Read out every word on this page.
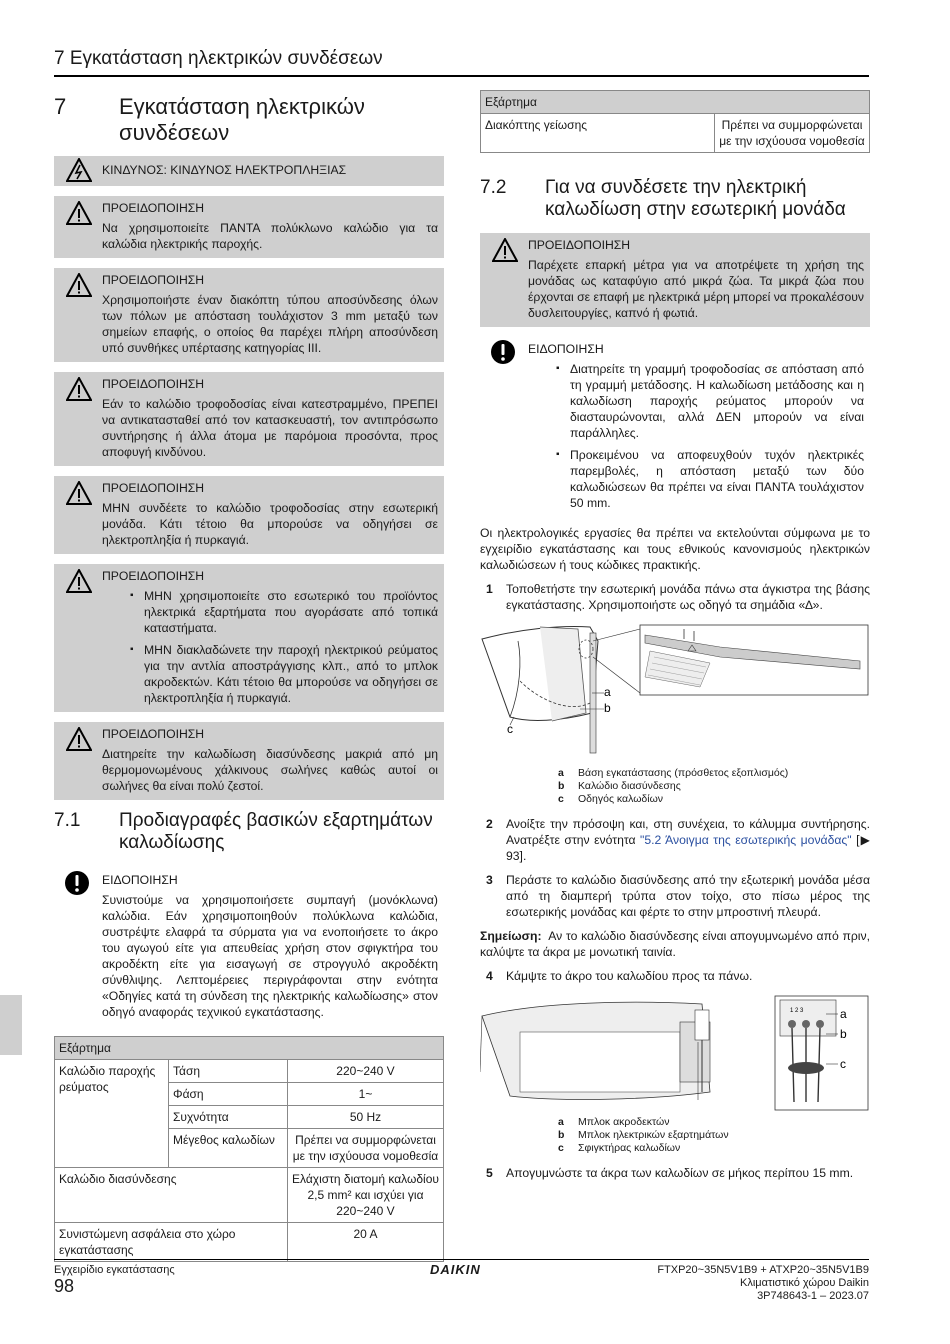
7 Εγκατάσταση ηλεκτρικών συνδέσεων
7 Εγκατάσταση ηλεκτρικών συνδέσεων
ΚΙΝΔΥΝΟΣ: ΚΙΝΔΥΝΟΣ ΗΛΕΚΤΡΟΠΛΗΞΙΑΣ
ΠΡΟΕΙΔΟΠΟΙΗΣΗ
Να χρησιμοποιείτε ΠΑΝΤΑ πολύκλωνο καλώδιο για τα καλώδια ηλεκτρικής παροχής.
ΠΡΟΕΙΔΟΠΟΙΗΣΗ
Χρησιμοποιήστε έναν διακόπτη τύπου αποσύνδεσης όλων των πόλων με απόσταση τουλάχιστον 3 mm μεταξύ των σημείων επαφής, ο οποίος θα παρέχει πλήρη αποσύνδεση υπό συνθήκες υπέρτασης κατηγορίας III.
ΠΡΟΕΙΔΟΠΟΙΗΣΗ
Εάν το καλώδιο τροφοδοσίας είναι κατεστραμμένο, ΠΡΕΠΕΙ να αντικατασταθεί από τον κατασκευαστή, τον αντιπρόσωπο συντήρησης ή άλλα άτομα με παρόμοια προσόντα, προς αποφυγή κινδύνου.
ΠΡΟΕΙΔΟΠΟΙΗΣΗ
ΜΗΝ συνδέετε το καλώδιο τροφοδοσίας στην εσωτερική μονάδα. Κάτι τέτοιο θα μπορούσε να οδηγήσει σε ηλεκτροπληξία ή πυρκαγιά.
ΠΡΟΕΙΔΟΠΟΙΗΣΗ
▪ ΜΗΝ χρησιμοποιείτε στο εσωτερικό του προϊόντος ηλεκτρικά εξαρτήματα που αγοράσατε από τοπικά καταστήματα.
▪ ΜΗΝ διακλαδώνετε την παροχή ηλεκτρικού ρεύματος για την αντλία αποστράγγισης κλπ., από το μπλοκ ακροδεκτών. Κάτι τέτοιο θα μπορούσε να οδηγήσει σε ηλεκτροπληξία ή πυρκαγιά.
ΠΡΟΕΙΔΟΠΟΙΗΣΗ
Διατηρείτε την καλωδίωση διασύνδεσης μακριά από μη θερμομονωμένους χάλκινους σωλήνες καθώς αυτοί οι σωλήνες θα είναι πολύ ζεστοί.
7.1 Προδιαγραφές βασικών εξαρτημάτων καλωδίωσης
ΕΙΔΟΠΟΙΗΣΗ
Συνιστούμε να χρησιμοποιήσετε συμπαγή (μονόκλωνα) καλώδια. Εάν χρησιμοποιηθούν πολύκλωνα καλώδια, συστρέψτε ελαφρά τα σύρματα για να ενοποιήσετε το άκρο του αγωγού είτε για απευθείας χρήση στον σφιγκτήρα του ακροδέκτη είτε για εισαγωγή σε στρογγυλό ακροδέκτη σύνθλιψης. Λεπτομέρειες περιγράφονται στην ενότητα «Οδηγίες κατά τη σύνδεση της ηλεκτρικής καλωδίωσης» στον οδηγό αναφοράς τεχνικού εγκατάστασης.
Εξάρτημα		
Καλώδιο παροχής ρεύματος	Τάση	220~240 V
	Φάση	1~
	Συχνότητα	50 Hz
	Μέγεθος καλωδίων	Πρέπει να συμμορφώνεται με την ισχύουσα νομοθεσία
Καλώδιο διασύνδεσης		Ελάχιστη διατομή καλωδίου 2,5 mm² και ισχύει για 220~240 V
Συνιστώμενη ασφάλεια στο χώρο εγκατάστασης		20 A
Εξάρτημα
Διακόπτης γείωσης	Πρέπει να συμμορφώνεται με την ισχύουσα νομοθεσία
7.2 Για να συνδέσετε την ηλεκτρική καλωδίωση στην εσωτερική μονάδα
ΠΡΟΕΙΔΟΠΟΙΗΣΗ
Παρέχετε επαρκή μέτρα για να αποτρέψετε τη χρήση της μονάδας ως καταφύγιο από μικρά ζώα. Τα μικρά ζώα που έρχονται σε επαφή με ηλεκτρικά μέρη μπορεί να προκαλέσουν δυσλειτουργίες, καπνό ή φωτιά.
ΕΙΔΟΠΟΙΗΣΗ
▪ Διατηρείτε τη γραμμή τροφοδοσίας σε απόσταση από τη γραμμή μετάδοσης. Η καλωδίωση μετάδοσης και η καλωδίωση παροχής ρεύματος μπορούν να διασταυρώνονται, αλλά ΔΕΝ μπορούν να είναι παράλληλες.
▪ Προκειμένου να αποφευχθούν τυχόν ηλεκτρικές παρεμβολές, η απόσταση μεταξύ των δύο καλωδιώσεων θα πρέπει να είναι ΠΑΝΤΑ τουλάχιστον 50 mm.
Οι ηλεκτρολογικές εργασίες θα πρέπει να εκτελούνται σύμφωνα με το εγχειρίδιο εγκατάστασης και τους εθνικούς κανονισμούς ηλεκτρικών καλωδιώσεων ή τους κώδικες πρακτικής.
1 Τοποθετήστε την εσωτερική μονάδα πάνω στα άγκιστρα της βάσης εγκατάστασης. Χρησιμοποιήστε ως οδηγό τα σημάδια «∆».
a
b
c
a Βάση εγκατάστασης (πρόσθετος εξοπλισμός)
b Καλώδιο διασύνδεσης
c Οδηγός καλωδίων
2 Ανοίξτε την πρόσοψη και, στη συνέχεια, το κάλυμμα συντήρησης. Ανατρέξτε στην ενότητα "5.2 Άνοιγμα της εσωτερικής μονάδας" [▶ 93].
3 Περάστε το καλώδιο διασύνδεσης από την εξωτερική μονάδα μέσα από τη διαμπερή τρύπα στον τοίχο, στο πίσω μέρος της εσωτερικής μονάδας και φέρτε το στην μπροστινή πλευρά.
Σημείωση: Αν το καλώδιο διασύνδεσης είναι απογυμνωμένο από πριν, καλύψτε τα άκρα με μονωτική ταινία.
4 Κάμψτε το άκρο του καλωδίου προς τα πάνω.
1 2 3	a
b
c
a Μπλοκ ακροδεκτών
b Μπλοκ ηλεκτρικών εξαρτημάτων
c Σφιγκτήρας καλωδίων
5 Απογυμνώστε τα άκρα των καλωδίων σε μήκος περίπου 15 mm.
Εγχειρίδιο εγκατάστασης
98
DAIKIN	FTXP20~35N5V1B9 + ATXP20~35N5V1B9
Κλιματιστικό χώρου Daikin
3P748643-1 – 2023.07
